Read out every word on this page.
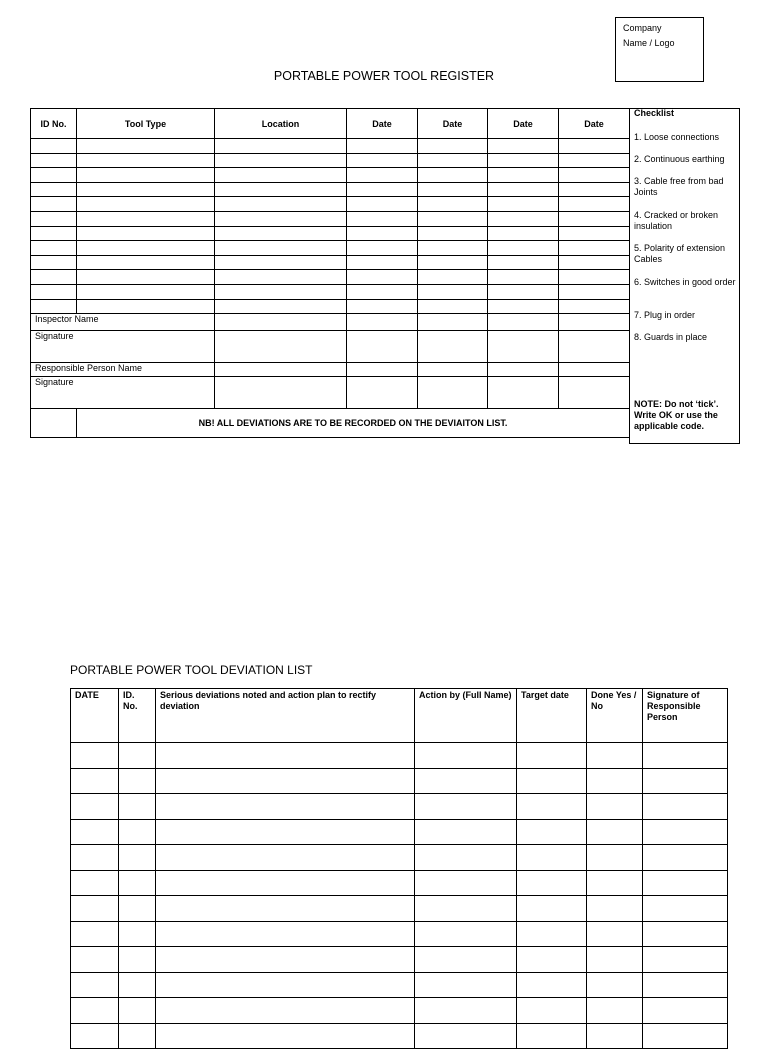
Company
Name / Logo
PORTABLE POWER TOOL REGISTER
ID No.	Tool Type	Location	Date	Date	Date	Date

Inspector Name						
Signature						
Responsible Person Name						
Signature						
	NB! ALL DEVIATIONS ARE TO BE RECORDED ON THE DEVIAITON LIST.					
Checklist
1. Loose connections
2. Continuous earthing
3. Cable free from bad Joints
4. Cracked or broken insulation
5. Polarity of extension Cables
6. Switches in good order
7. Plug in order
8. Guards in place
NOTE: Do not ‘tick’. Write OK or use the applicable code.
PORTABLE POWER TOOL DEVIATION LIST
DATE	ID. No.	Serious deviations noted and action plan to rectify deviation	Action by (Full Name)	Target date	Done Yes / No	Signature of Responsible Person
